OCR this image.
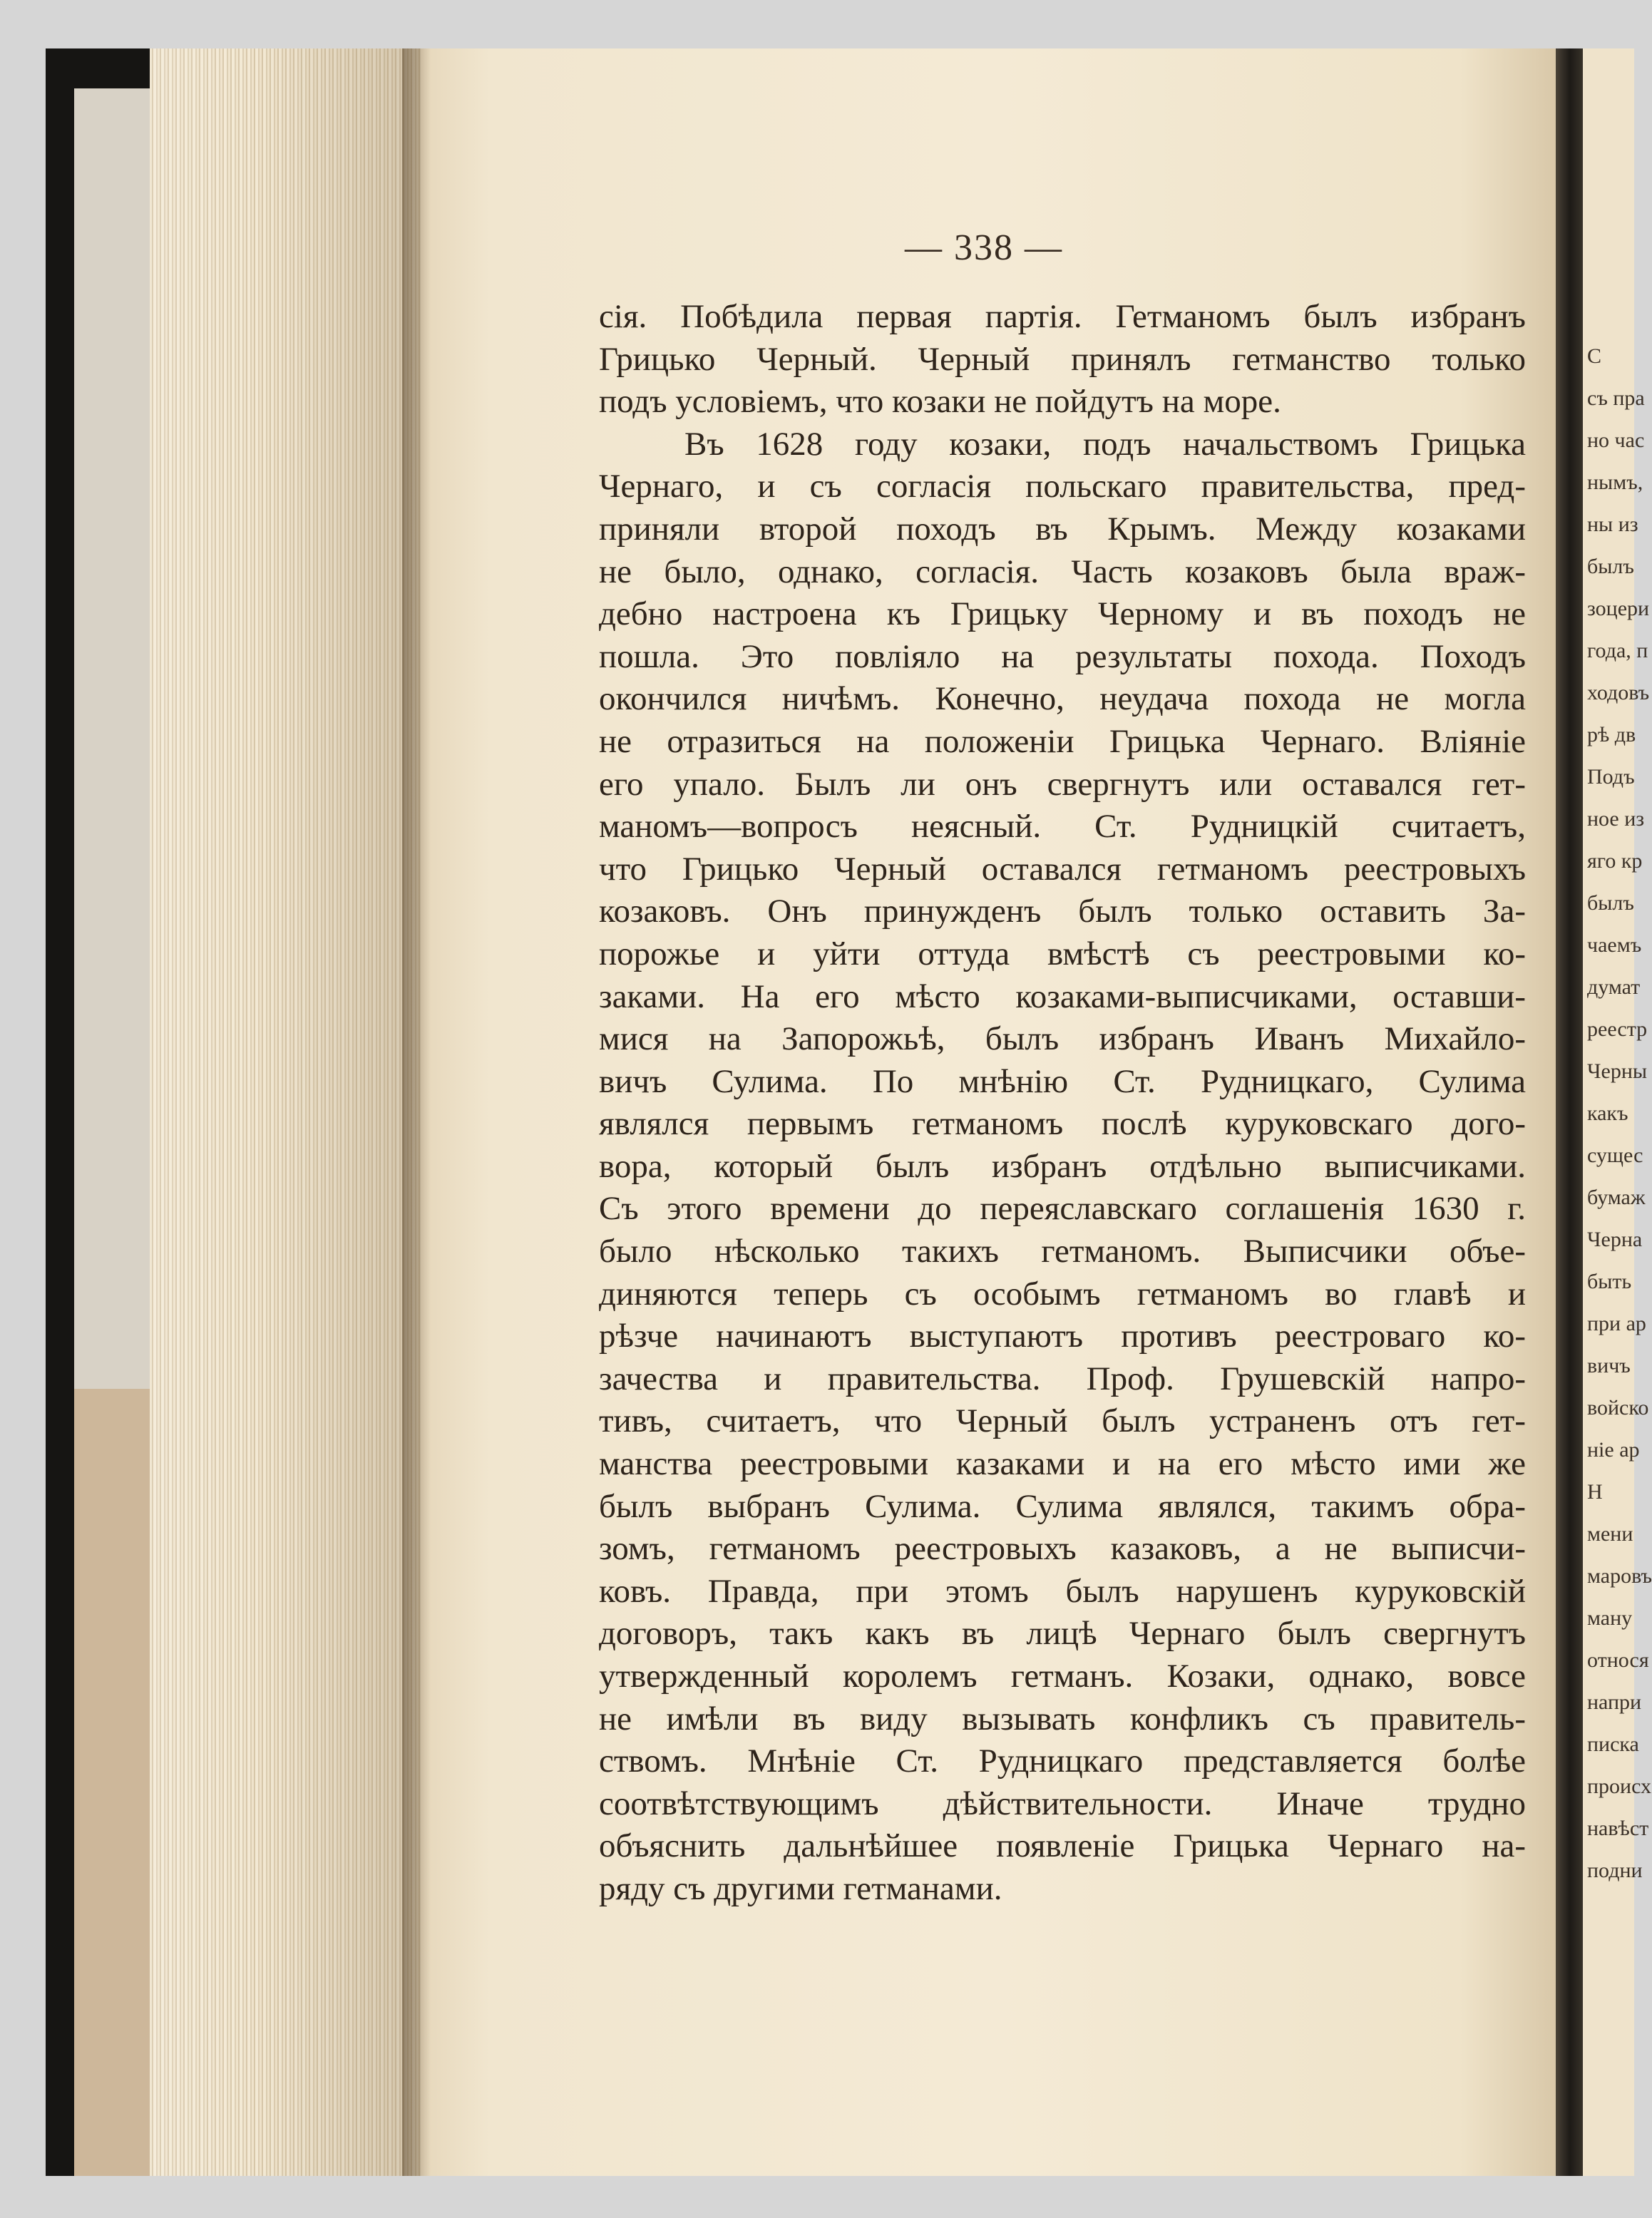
С
съ пра
но час
нымъ,
ны из
былъ
зоцери
года, п
ходовъ
рѣ дв
Подъ
ное из
яго кр
былъ
чаемъ
думат
реестр
Черны
какъ
сущес
бумаж
Черна
быть
при ар
вичъ
войско
ніе ар
Н
мени
маровъ
ману
относя
напри
писка
происх
навѣст
подни
— 338 —
сія. Побѣдила первая партія. Гетманомъ былъ избранъ
Грицько Черный. Черный принялъ гетманство только
подъ условіемъ, что козаки не пойдутъ на море.
Въ 1628 году козаки, подъ начальствомъ Грицька
Чернаго, и съ согласія польскаго правительства, пред-
приняли второй походъ въ Крымъ. Между козаками
не было, однако, согласія. Часть козаковъ была враж-
дебно настроена къ Грицьку Черному и въ походъ не
пошла. Это повліяло на результаты похода. Походъ
окончился ничѣмъ. Конечно, неудача похода не могла
не отразиться на положеніи Грицька Чернаго. Вліяніе
его упало. Былъ ли онъ свергнутъ или оставался гет-
маномъ—вопросъ неясный. Ст. Рудницкій считаетъ,
что Грицько Черный оставался гетманомъ реестровыхъ
козаковъ. Онъ принужденъ былъ только оставить За-
порожье и уйти оттуда вмѣстѣ съ реестровыми ко-
заками. На его мѣсто козаками-выписчиками, оставши-
мися на Запорожьѣ, былъ избранъ Иванъ Михайло-
вичъ Сулима. По мнѣнію Ст. Рудницкаго, Сулима
являлся первымъ гетманомъ послѣ куруковскаго дого-
вора, который былъ избранъ отдѣльно выписчиками.
Съ этого времени до переяславскаго соглашенія 1630 г.
было нѣсколько такихъ гетманомъ. Выписчики объе-
диняются теперь съ особымъ гетманомъ во главѣ и
рѣзче начинаютъ выступаютъ противъ реестроваго ко-
зачества и правительства. Проф. Грушевскій напро-
тивъ, считаетъ, что Черный былъ устраненъ отъ гет-
манства реестровыми казаками и на его мѣсто ими же
былъ выбранъ Сулима. Сулима являлся, такимъ обра-
зомъ, гетманомъ реестровыхъ казаковъ, а не выписчи-
ковъ. Правда, при этомъ былъ нарушенъ куруковскій
договоръ, такъ какъ въ лицѣ Чернаго былъ свергнутъ
утвержденный королемъ гетманъ. Козаки, однако, вовсе
не имѣли въ виду вызывать конфликъ съ правитель-
ствомъ. Мнѣніе Ст. Рудницкаго представляется болѣе
соотвѣтствующимъ дѣйствительности. Иначе трудно
объяснить дальнѣйшее появленіе Грицька Чернаго на-
ряду съ другими гетманами.
